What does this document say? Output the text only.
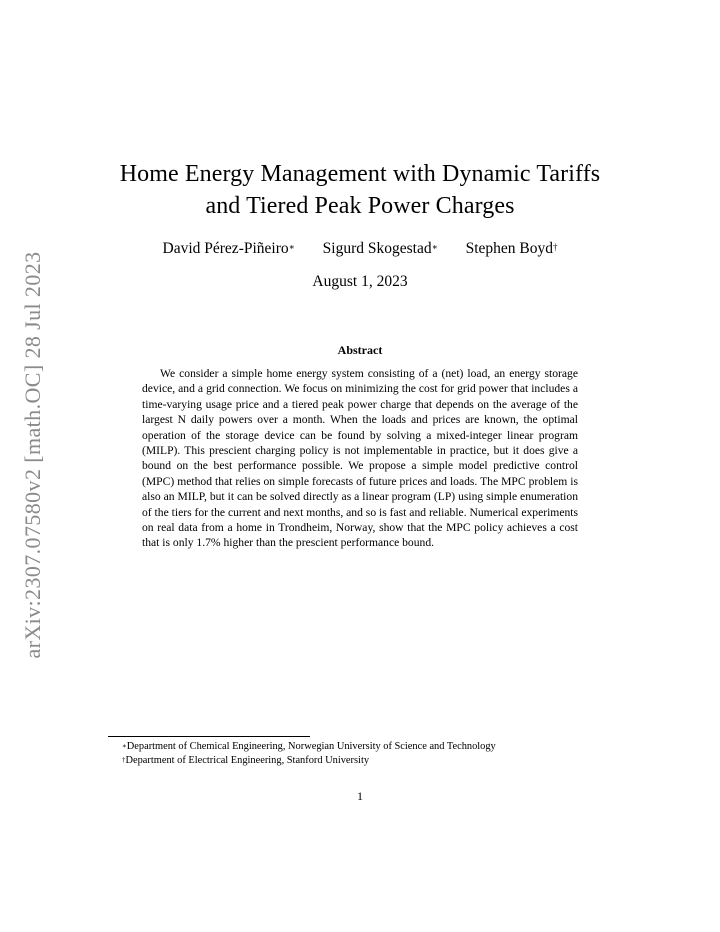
arXiv:2307.07580v2 [math.OC] 28 Jul 2023
Home Energy Management with Dynamic Tariffs
and Tiered Peak Power Charges
David Pérez-Piñeiro∗ Sigurd Skogestad∗ Stephen Boyd†
August 1, 2023
Abstract
We consider a simple home energy system consisting of a (net) load, an energy storage device, and a grid connection. We focus on minimizing the cost for grid power that includes a time-varying usage price and a tiered peak power charge that depends on the average of the largest N daily powers over a month. When the loads and prices are known, the optimal operation of the storage device can be found by solving a mixed-integer linear program (MILP). This prescient charging policy is not implementable in practice, but it does give a bound on the best performance possible. We propose a simple model predictive control (MPC) method that relies on simple forecasts of future prices and loads. The MPC problem is also an MILP, but it can be solved directly as a linear program (LP) using simple enumeration of the tiers for the current and next months, and so is fast and reliable. Numerical experiments on real data from a home in Trondheim, Norway, show that the MPC policy achieves a cost that is only 1.7% higher than the prescient performance bound.
∗Department of Chemical Engineering, Norwegian University of Science and Technology
†Department of Electrical Engineering, Stanford University
1
